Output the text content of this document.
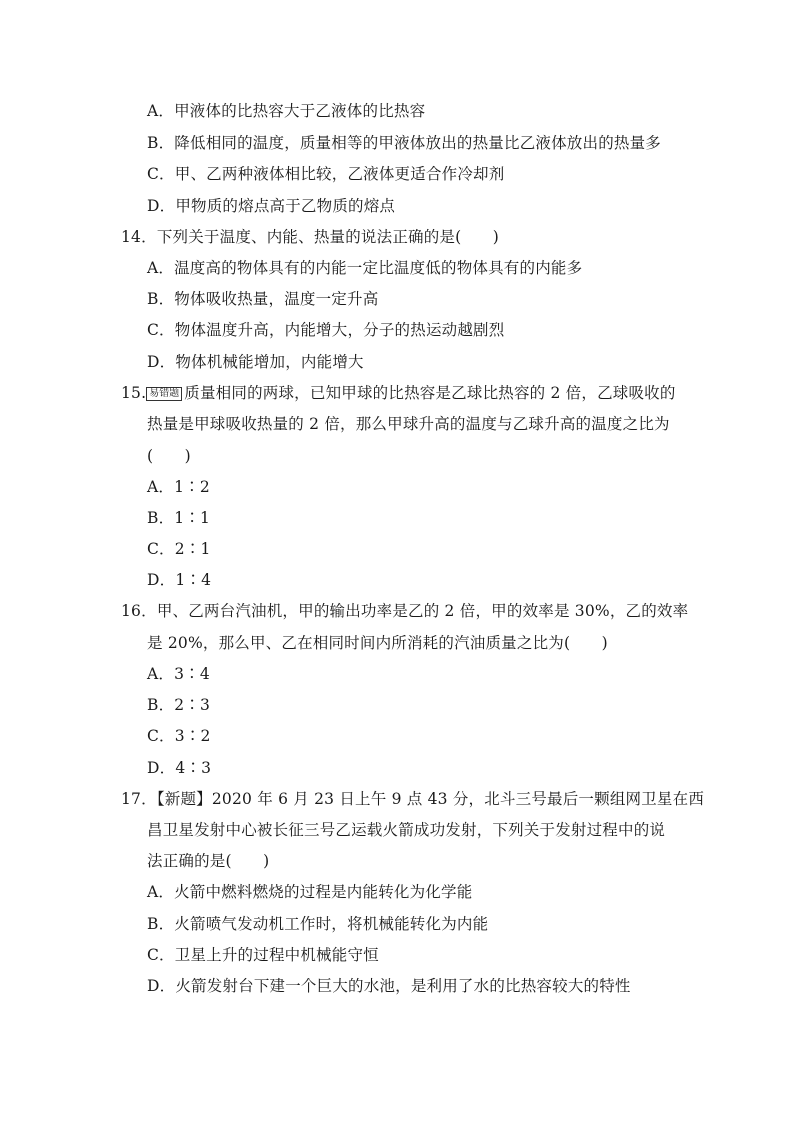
A．甲液体的比热容大于乙液体的比热容
B．降低相同的温度，质量相等的甲液体放出的热量比乙液体放出的热量多
C．甲、乙两种液体相比较，乙液体更适合作冷却剂
D．甲物质的熔点高于乙物质的熔点
14．下列关于温度、内能、热量的说法正确的是(　　)
A．温度高的物体具有的内能一定比温度低的物体具有的内能多
B．物体吸收热量，温度一定升高
C．物体温度升高，内能增大，分子的热运动越剧烈
D．物体机械能增加，内能增大
15. 易错题 质量相同的两球，已知甲球的比热容是乙球比热容的 2 倍，乙球吸收的
热量是甲球吸收热量的 2 倍，那么甲球升高的温度与乙球升高的温度之比为
(　　)
A．1∶2
B．1∶1
C．2∶1
D．1∶4
16．甲、乙两台汽油机，甲的输出功率是乙的 2 倍，甲的效率是 30%，乙的效率
是 20%，那么甲、乙在相同时间内所消耗的汽油质量之比为(　　)
A．3∶4
B．2∶3
C．3∶2
D．4∶3
17．【新题】2020 年 6 月 23 日上午 9 点 43 分，北斗三号最后一颗组网卫星在西
昌卫星发射中心被长征三号乙运载火箭成功发射，下列关于发射过程中的说
法正确的是(　　)
A．火箭中燃料燃烧的过程是内能转化为化学能
B．火箭喷气发动机工作时，将机械能转化为内能
C．卫星上升的过程中机械能守恒
D．火箭发射台下建一个巨大的水池，是利用了水的比热容较大的特性
